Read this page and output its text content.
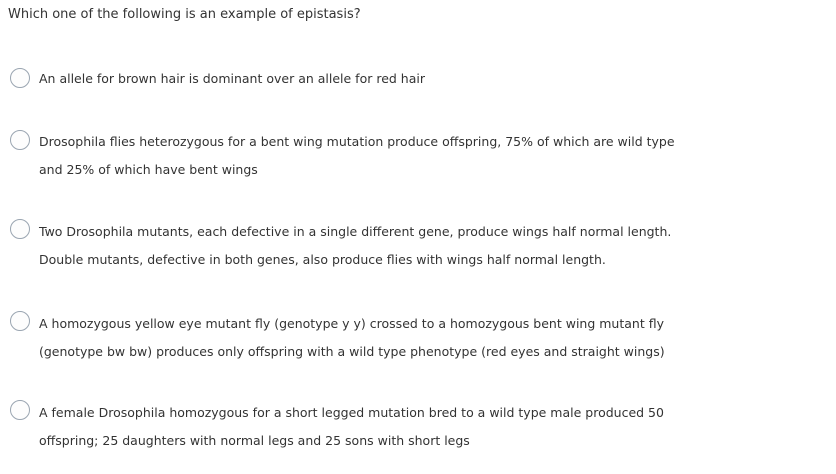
Which one of the following is an example of epistasis?
An allele for brown hair is dominant over an allele for red hair
Drosophila flies heterozygous for a bent wing mutation produce offspring, 75% of which are wild type
and 25% of which have bent wings
Two Drosophila mutants, each defective in a single different gene, produce wings half normal length.
Double mutants, defective in both genes, also produce flies with wings half normal length.
A homozygous yellow eye mutant fly (genotype y y) crossed to a homozygous bent wing mutant fly
(genotype bw bw) produces only offspring with a wild type phenotype (red eyes and straight wings)
A female Drosophila homozygous for a short legged mutation bred to a wild type male produced 50
offspring; 25 daughters with normal legs and 25 sons with short legs
